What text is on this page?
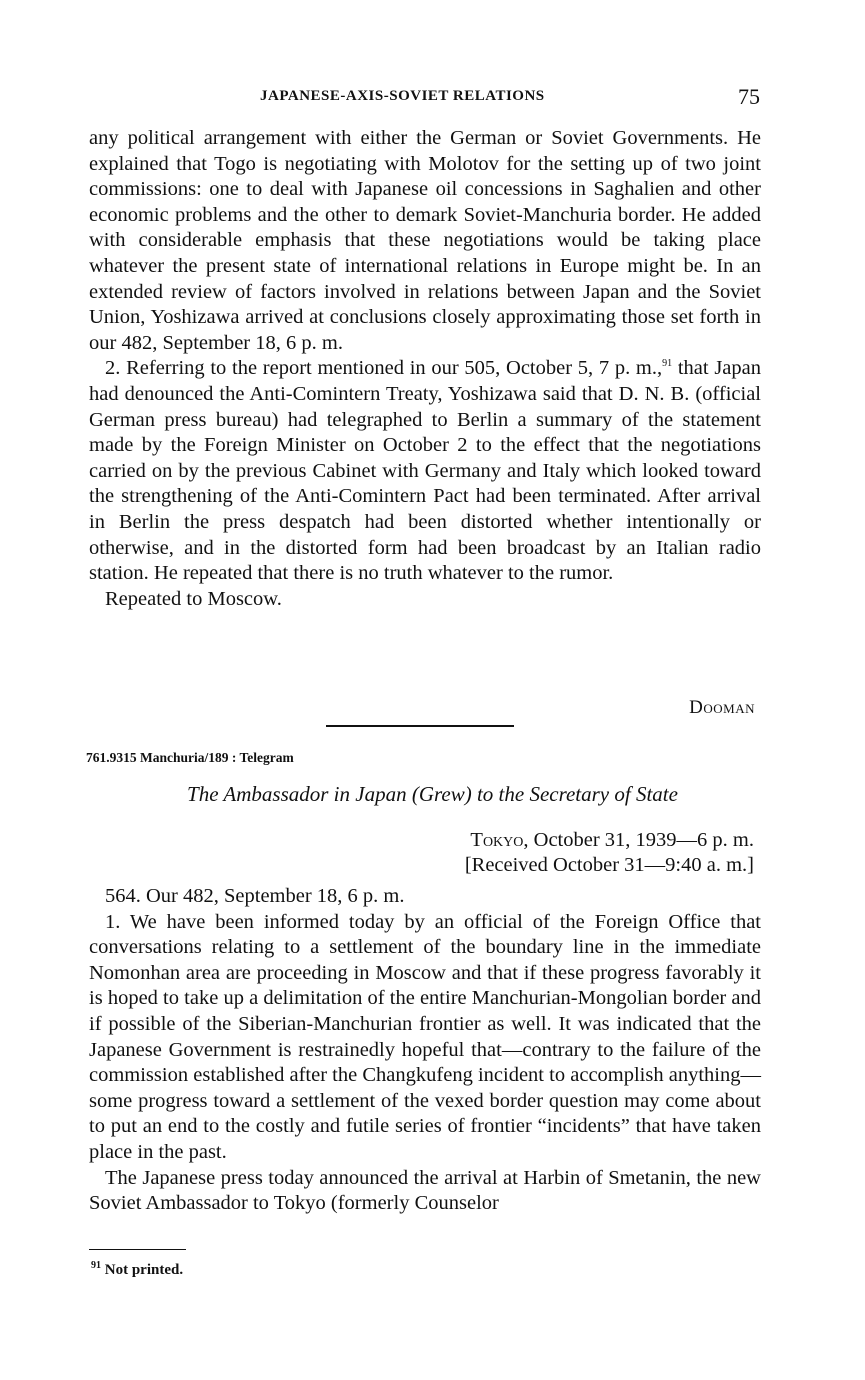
JAPANESE-AXIS-SOVIET RELATIONS	75

any political arrangement with either the German or Soviet Governments. He explained that Togo is negotiating with Molotov for the setting up of two joint commissions: one to deal with Japanese oil concessions in Saghalien and other economic problems and the other to demark Soviet-Manchuria border. He added with considerable emphasis that these negotiations would be taking place whatever the present state of international relations in Europe might be. In an extended review of factors involved in relations between Japan and the Soviet Union, Yoshizawa arrived at conclusions closely approximating those set forth in our 482, September 18, 6 p. m.

2. Referring to the report mentioned in our 505, October 5, 7 p. m.,$^{91}$ that Japan had denounced the Anti-Comintern Treaty, Yoshizawa said that D. N. B. (official German press bureau) had telegraphed to Berlin a summary of the statement made by the Foreign Minister on October 2 to the effect that the negotiations carried on by the previous Cabinet with Germany and Italy which looked toward the strengthening of the Anti-Comintern Pact had been terminated. After arrival in Berlin the press despatch had been distorted whether intentionally or otherwise, and in the distorted form had been broadcast by an Italian radio station. He repeated that there is no truth whatever to the rumor.

Repeated to Moscow.

Dooman
761.9315 Manchuria/189 : Telegram
The Ambassador in Japan (Grew) to the Secretary of State
Tokyo, October 31, 1939—6 p. m.
[Received October 31—9:40 a. m.]

564. Our 482, September 18, 6 p. m.

1. We have been informed today by an official of the Foreign Office that conversations relating to a settlement of the boundary line in the immediate Nomonhan area are proceeding in Moscow and that if these progress favorably it is hoped to take up a delimitation of the entire Manchurian-Mongolian border and if possible of the Siberian-Manchurian frontier as well. It was indicated that the Japanese Government is restrainedly hopeful that—contrary to the failure of the commission established after the Changkufeng incident to accomplish anything—some progress toward a settlement of the vexed border question may come about to put an end to the costly and futile series of frontier “incidents” that have taken place in the past.

The Japanese press today announced the arrival at Harbin of Smetanin, the new Soviet Ambassador to Tokyo (formerly Counselor

$^{91}$ Not printed.
